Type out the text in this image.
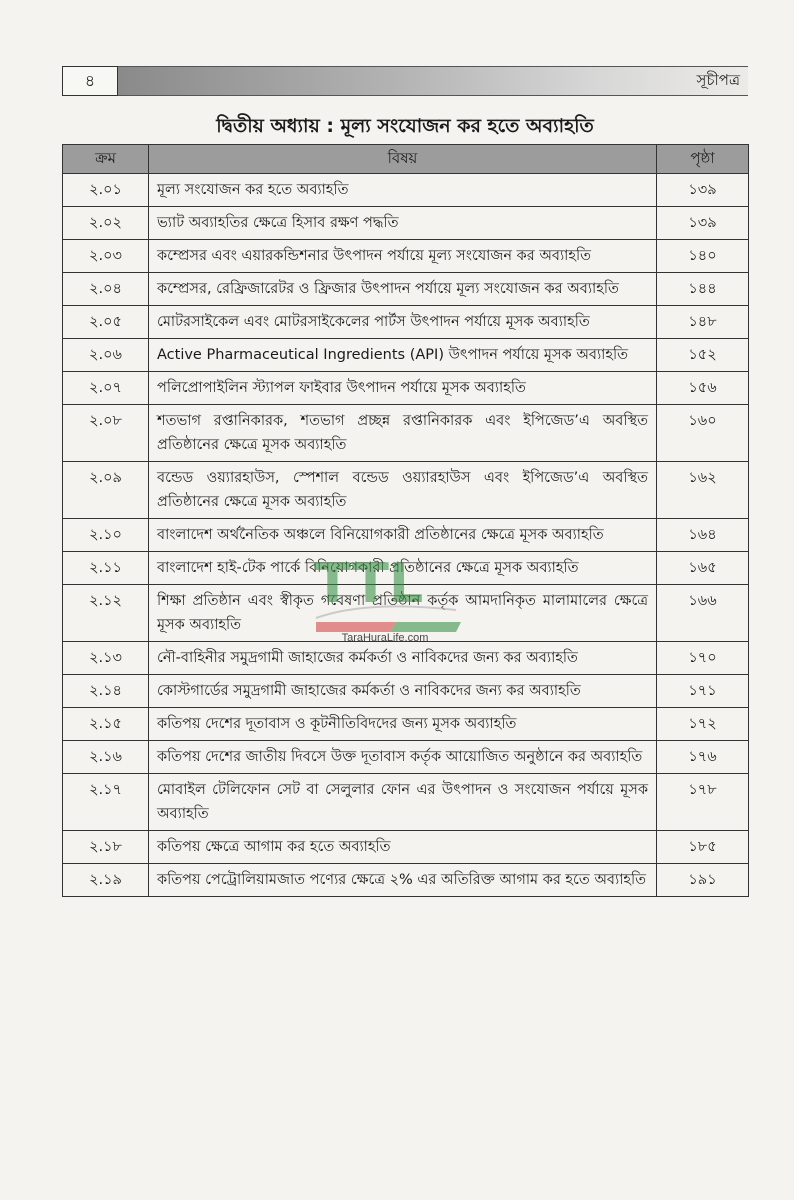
৪	সূচীপত্র
দ্বিতীয় অধ্যায় : মূল্য সংযোজন কর হতে অব্যাহতি
ক্রম	বিষয়	পৃষ্ঠা
২.০১	মূল্য সংযোজন কর হতে অব্যাহতি	১৩৯
২.০২	ভ্যাট অব্যাহতির ক্ষেত্রে হিসাব রক্ষণ পদ্ধতি	১৩৯
২.০৩	কম্প্রেসর এবং এয়ারকন্ডিশনার উৎপাদন পর্যায়ে মূল্য সংযোজন কর অব্যাহতি	১৪০
২.০৪	কম্প্রেসর, রেফ্রিজারেটর ও ফ্রিজার উৎপাদন পর্যায়ে মূল্য সংযোজন কর অব্যাহতি	১৪৪
২.০৫	মোটরসাইকেল এবং মোটরসাইকেলের পার্টস উৎপাদন পর্যায়ে মূসক অব্যাহতি	১৪৮
২.০৬	Active Pharmaceutical Ingredients (API) উৎপাদন পর্যায়ে মূসক অব্যাহতি	১৫২
২.০৭	পলিপ্রোপাইলিন স্ট্যাপল ফাইবার উৎপাদন পর্যায়ে মূসক অব্যাহতি	১৫৬
২.০৮	শতভাগ রপ্তানিকারক, শতভাগ প্রচ্ছন্ন রপ্তানিকারক এবং ইপিজেড’এ অবস্থিত প্রতিষ্ঠানের ক্ষেত্রে মূসক অব্যাহতি	১৬০
২.০৯	বন্ডেড ওয়্যারহাউস, স্পেশাল বন্ডেড ওয়্যারহাউস এবং ইপিজেড’এ অবস্থিত প্রতিষ্ঠানের ক্ষেত্রে মূসক অব্যাহতি	১৬২
২.১০	বাংলাদেশ অর্থনৈতিক অঞ্চলে বিনিয়োগকারী প্রতিষ্ঠানের ক্ষেত্রে মূসক অব্যাহতি	১৬৪
২.১১	বাংলাদেশ হাই-টেক পার্কে বিনিয়োগকারী প্রতিষ্ঠানের ক্ষেত্রে মূসক অব্যাহতি	১৬৫
২.১২	শিক্ষা প্রতিষ্ঠান এবং স্বীকৃত গবেষণা প্রতিষ্ঠান কর্তৃক আমদানিকৃত মালামালের ক্ষেত্রে মূসক অব্যাহতি	১৬৬
২.১৩	নৌ-বাহিনীর সমুদ্রগামী জাহাজের কর্মকর্তা ও নাবিকদের জন্য কর অব্যাহতি	১৭০
২.১৪	কোস্টগার্ডের সমুদ্রগামী জাহাজের কর্মকর্তা ও নাবিকদের জন্য কর অব্যাহতি	১৭১
২.১৫	কতিপয় দেশের দূতাবাস ও কূটনীতিবিদদের জন্য মূসক অব্যাহতি	১৭২
২.১৬	কতিপয় দেশের জাতীয় দিবসে উক্ত দূতাবাস কর্তৃক আয়োজিত অনুষ্ঠানে কর অব্যাহতি	১৭৬
২.১৭	মোবাইল টেলিফোন সেট বা সেলুলার ফোন এর উৎপাদন ও সংযোজন পর্যায়ে মূসক অব্যাহতি	১৭৮
২.১৮	কতিপয় ক্ষেত্রে আগাম কর হতে অব্যাহতি	১৮৫
২.১৯	কতিপয় পেট্রোলিয়ামজাত পণ্যের ক্ষেত্রে ২% এর অতিরিক্ত আগাম কর হতে অব্যাহতি	১৯১
TTL
TaraHuraLife.com
